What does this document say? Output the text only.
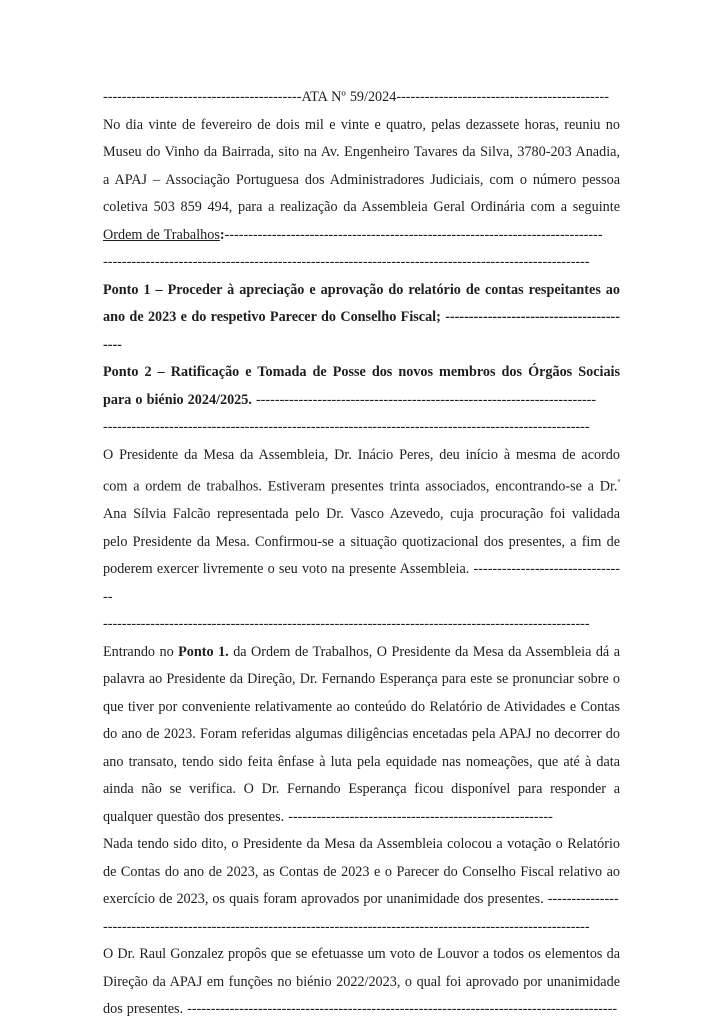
------------------------------------------ATA Nº 59/2024---------------------------------------------

No dia vinte de fevereiro de dois mil e vinte e quatro, pelas dezassete horas, reuniu no Museu do Vinho da Bairrada, sito na Av. Engenheiro Tavares da Silva, 3780-203 Anadia, a APAJ – Associação Portuguesa dos Administradores Judiciais, com o número pessoa coletiva 503 859 494, para a realização da Assembleia Geral Ordinária com a seguinte Ordem de Trabalhos:--------------------------------------------------------------------------------

-------------------------------------------------------------------------------------------------------

Ponto 1 – Proceder à apreciação e aprovação do relatório de contas respeitantes ao ano de 2023 e do respetivo Parecer do Conselho Fiscal; -----------------------------------------

Ponto 2 – Ratificação e Tomada de Posse dos novos membros dos Órgãos Sociais para o biénio 2024/2025. ------------------------------------------------------------------------

-------------------------------------------------------------------------------------------------------

O Presidente da Mesa da Assembleia, Dr. Inácio Peres, deu início à mesma de acordo com a ordem de trabalhos. Estiveram presentes trinta associados, encontrando-se a Dr.$^ª$ Ana Sílvia Falcão representada pelo Dr. Vasco Azevedo, cuja procuração foi validada pelo Presidente da Mesa. Confirmou-se a situação quotizacional dos presentes, a fim de poderem exercer livremente o seu voto na presente Assembleia. ---------------------------------

-------------------------------------------------------------------------------------------------------

Entrando no Ponto 1. da Ordem de Trabalhos, O Presidente da Mesa da Assembleia dá a palavra ao Presidente da Direção, Dr. Fernando Esperança para este se pronunciar sobre o que tiver por conveniente relativamente ao conteúdo do Relatório de Atividades e Contas do ano de 2023. Foram referidas algumas diligências encetadas pela APAJ no decorrer do ano transato, tendo sido feita ênfase à luta pela equidade nas nomeações, que até à data ainda não se verifica. O Dr. Fernando Esperança ficou disponível para responder a qualquer questão dos presentes. --------------------------------------------------------

Nada tendo sido dito, o Presidente da Mesa da Assembleia colocou a votação o Relatório de Contas do ano de 2023, as Contas de 2023 e o Parecer do Conselho Fiscal relativo ao exercício de 2023, os quais foram aprovados por unanimidade dos presentes. ---------------

-------------------------------------------------------------------------------------------------------

O Dr. Raul Gonzalez propôs que se efetuasse um voto de Louvor a todos os elementos da Direção da APAJ em funções no biénio 2022/2023, o qual foi aprovado por unanimidade dos presentes. -------------------------------------------------------------------------------------------
